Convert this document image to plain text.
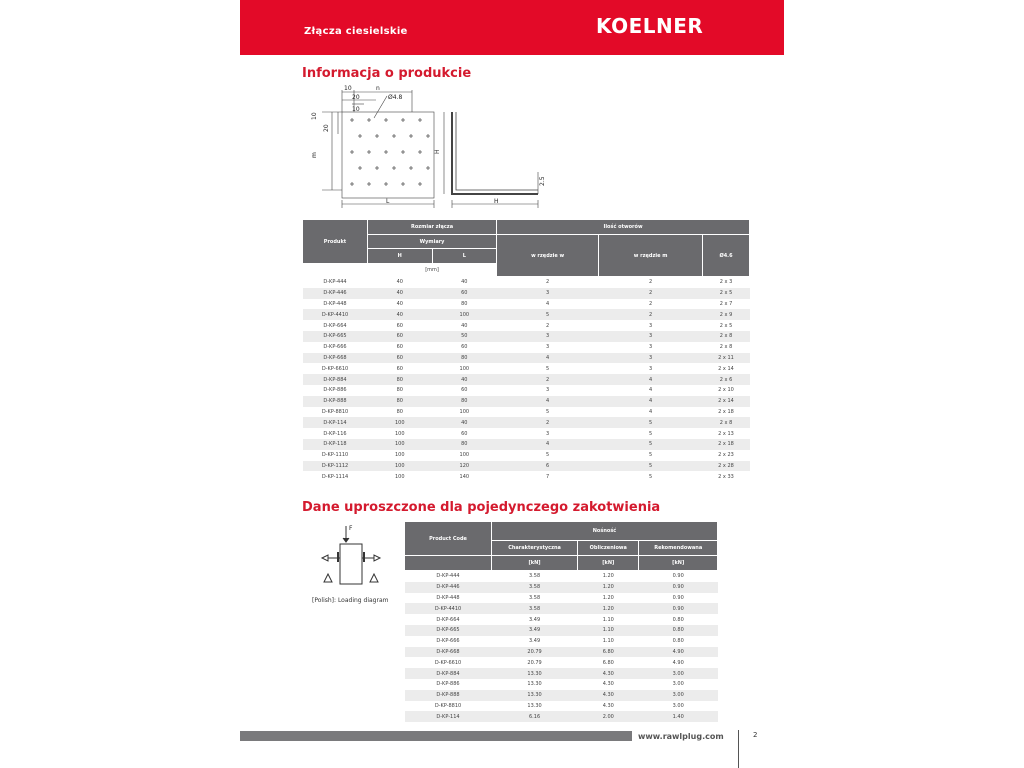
Złącza ciesielskie	KOELNER
Informacja o produkcie
10	n
20	Ø4.8
10
10
20
m
L
H
H
2.5
Produkt	Rozmiar złącza		Ilość otworów		
	Wymiary		w rzędzie w	w rzędzie m	Ø4.6
	H	L			
	[mm]				
D-KP-444	40	40	2	2	2 x 3
D-KP-446	40	60	3	2	2 x 5
D-KP-448	40	80	4	2	2 x 7
D-KP-4410	40	100	5	2	2 x 9
D-KP-664	60	40	2	3	2 x 5
D-KP-665	60	50	3	3	2 x 8
D-KP-666	60	60	3	3	2 x 8
D-KP-668	60	80	4	3	2 x 11
D-KP-6610	60	100	5	3	2 x 14
D-KP-884	80	40	2	4	2 x 6
D-KP-886	80	60	3	4	2 x 10
D-KP-888	80	80	4	4	2 x 14
D-KP-8810	80	100	5	4	2 x 18
D-KP-114	100	40	2	5	2 x 8
D-KP-116	100	60	3	5	2 x 13
D-KP-118	100	80	4	5	2 x 18
D-KP-1110	100	100	5	5	2 x 23
D-KP-1112	100	120	6	5	2 x 28
D-KP-1114	100	140	7	5	2 x 33
Dane uproszczone dla pojedynczego zakotwienia
F
[Polish]: Loading diagram
Product Code	Nośność		
	Charakterystyczna	Obliczeniowa	Rekomendowana
	[kN]	[kN]	[kN]
D-KP-444	3.58	1.20	0.90
D-KP-446	3.58	1.20	0.90
D-KP-448	3.58	1.20	0.90
D-KP-4410	3.58	1.20	0.90
D-KP-664	3.49	1.10	0.80
D-KP-665	3.49	1.10	0.80
D-KP-666	3.49	1.10	0.80
D-KP-668	20.79	6.80	4.90
D-KP-6610	20.79	6.80	4.90
D-KP-884	13.30	4.30	3.00
D-KP-886	13.30	4.30	3.00
D-KP-888	13.30	4.30	3.00
D-KP-8810	13.30	4.30	3.00
D-KP-114	6.16	2.00	1.40
www.rawlplug.com	2
